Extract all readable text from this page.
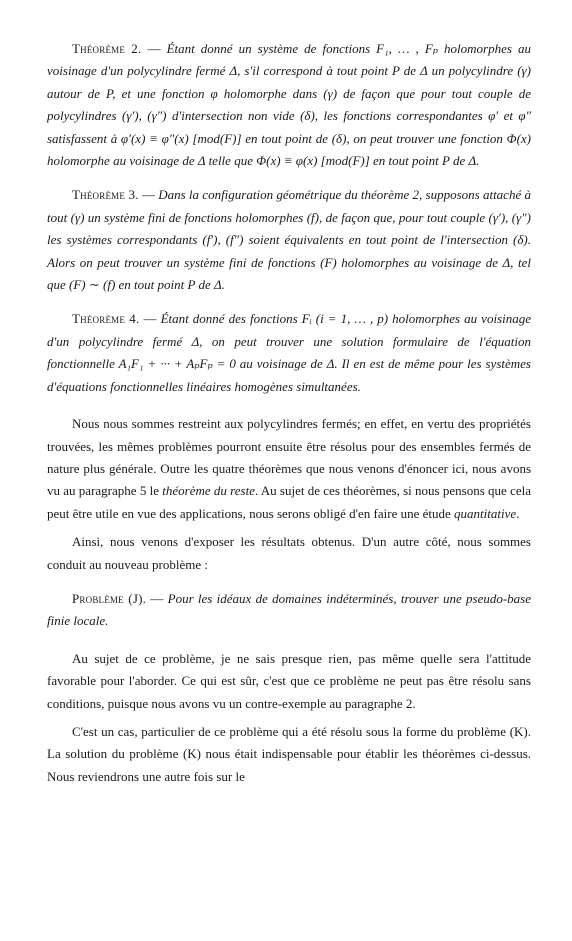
Théorème 2. — Étant donné un système de fonctions F₁, … , Fₚ holomorphes au voisinage d'un polycylindre fermé Δ, s'il correspond à tout point P de Δ un polycylindre (γ) autour de P, et une fonction φ holomorphe dans (γ) de façon que pour tout couple de polycylindres (γ′), (γ″) d'intersection non vide (δ), les fonctions correspondantes φ′ et φ″ satisfassent à φ′(x) ≡ φ″(x) [mod(F)] en tout point de (δ), on peut trouver une fonction Φ(x) holomorphe au voisinage de Δ telle que Φ(x) ≡ φ(x) [mod(F)] en tout point P de Δ.

Théorème 3. — Dans la configuration géométrique du théorème 2, supposons attaché à tout (γ) un système fini de fonctions holomorphes (f), de façon que, pour tout couple (γ′), (γ″) les systèmes correspondants (f′), (f″) soient équivalents en tout point de l'intersection (δ). Alors on peut trouver un système fini de fonctions (F) holomorphes au voisinage de Δ, tel que (F) ∼ (f) en tout point P de Δ.

Théorème 4. — Étant donné des fonctions Fᵢ (i = 1, … , p) holomorphes au voisinage d'un polycylindre fermé Δ, on peut trouver une solution formulaire de l'équation fonctionnelle A₁F₁ + ··· + AₚFₚ = 0 au voisinage de Δ. Il en est de même pour les systèmes d'équations fonctionnelles linéaires homogènes simultanées.

Nous nous sommes restreint aux polycylindres fermés; en effet, en vertu des propriétés trouvées, les mêmes problèmes pourront ensuite être résolus pour des ensembles fermés de nature plus générale. Outre les quatre théorèmes que nous venons d'énoncer ici, nous avons vu au paragraphe 5 le théorème du reste. Au sujet de ces théorèmes, si nous pensons que cela peut être utile en vue des applications, nous serons obligé d'en faire une étude quantitative.

Ainsi, nous venons d'exposer les résultats obtenus. D'un autre côté, nous sommes conduit au nouveau problème :

Problème (J). — Pour les idéaux de domaines indéterminés, trouver une pseudo-base finie locale.

Au sujet de ce problème, je ne sais presque rien, pas même quelle sera l'attitude favorable pour l'aborder. Ce qui est sûr, c'est que ce problème ne peut pas être résolu sans conditions, puisque nous avons vu un contre-exemple au paragraphe 2.

C'est un cas, particulier de ce problème qui a été résolu sous la forme du problème (K). La solution du problème (K) nous était indispensable pour établir les théorèmes ci-dessus. Nous reviendrons une autre fois sur le
